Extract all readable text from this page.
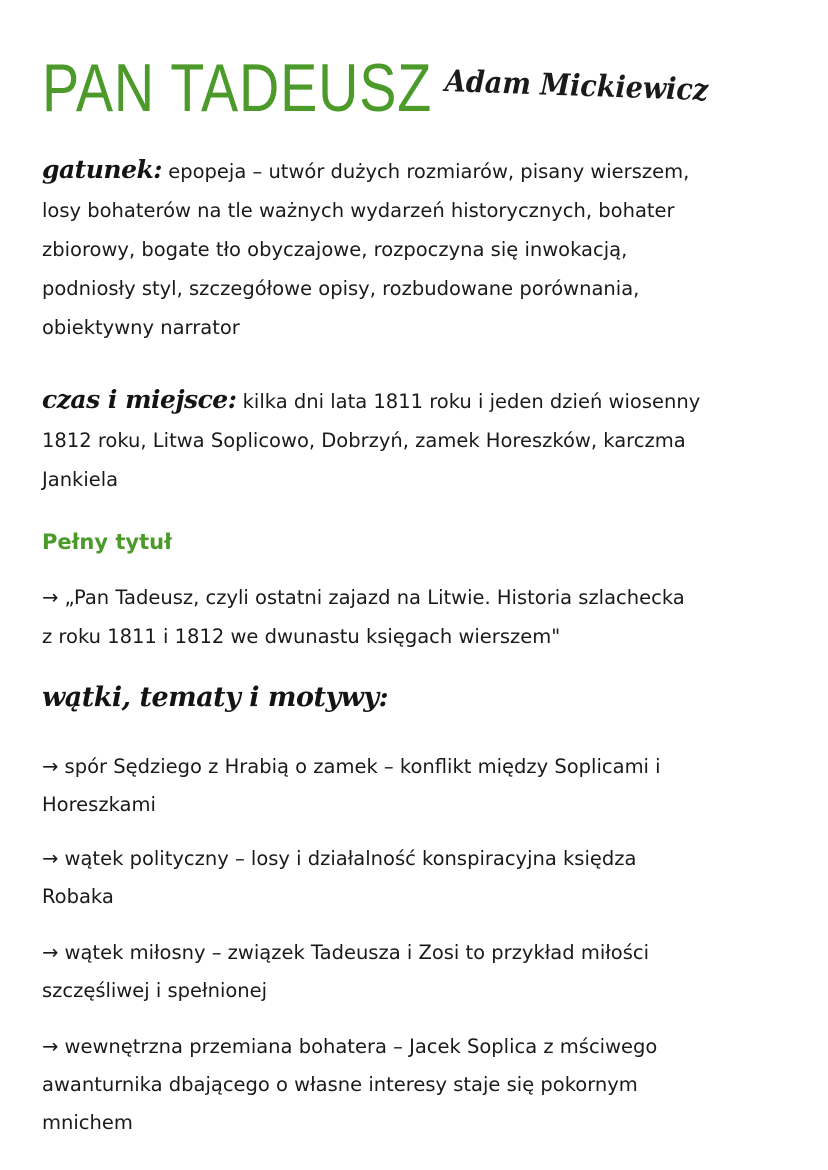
PAN TADEUSZ Adam Mickiewicz

gatunek: epopeja – utwór dużych rozmiarów, pisany wierszem,

losy bohaterów na tle ważnych wydarzeń historycznych, bohater

zbiorowy, bogate tło obyczajowe, rozpoczyna się inwokacją,

podniosły styl, szczegółowe opisy, rozbudowane porównania,

obiektywny narrator

czas i miejsce: kilka dni lata 1811 roku i jeden dzień wiosenny

1812 roku, Litwa Soplicowo, Dobrzyń, zamek Horeszków, karczma

Jankiela

Pełny tytuł

→ „Pan Tadeusz, czyli ostatni zajazd na Litwie. Historia szlachecka

z roku 1811 i 1812 we dwunastu księgach wierszem"

wątki, tematy i motywy:

→ spór Sędziego z Hrabią o zamek – konflikt między Soplicami i

Horeszkami

→ wątek polityczny – losy i działalność konspiracyjna księdza

Robaka

→ wątek miłosny – związek Tadeusza i Zosi to przykład miłości

szczęśliwej i spełnionej

→ wewnętrzna przemiana bohatera – Jacek Soplica z mściwego

awanturnika dbającego o własne interesy staje się pokornym

mnichem
